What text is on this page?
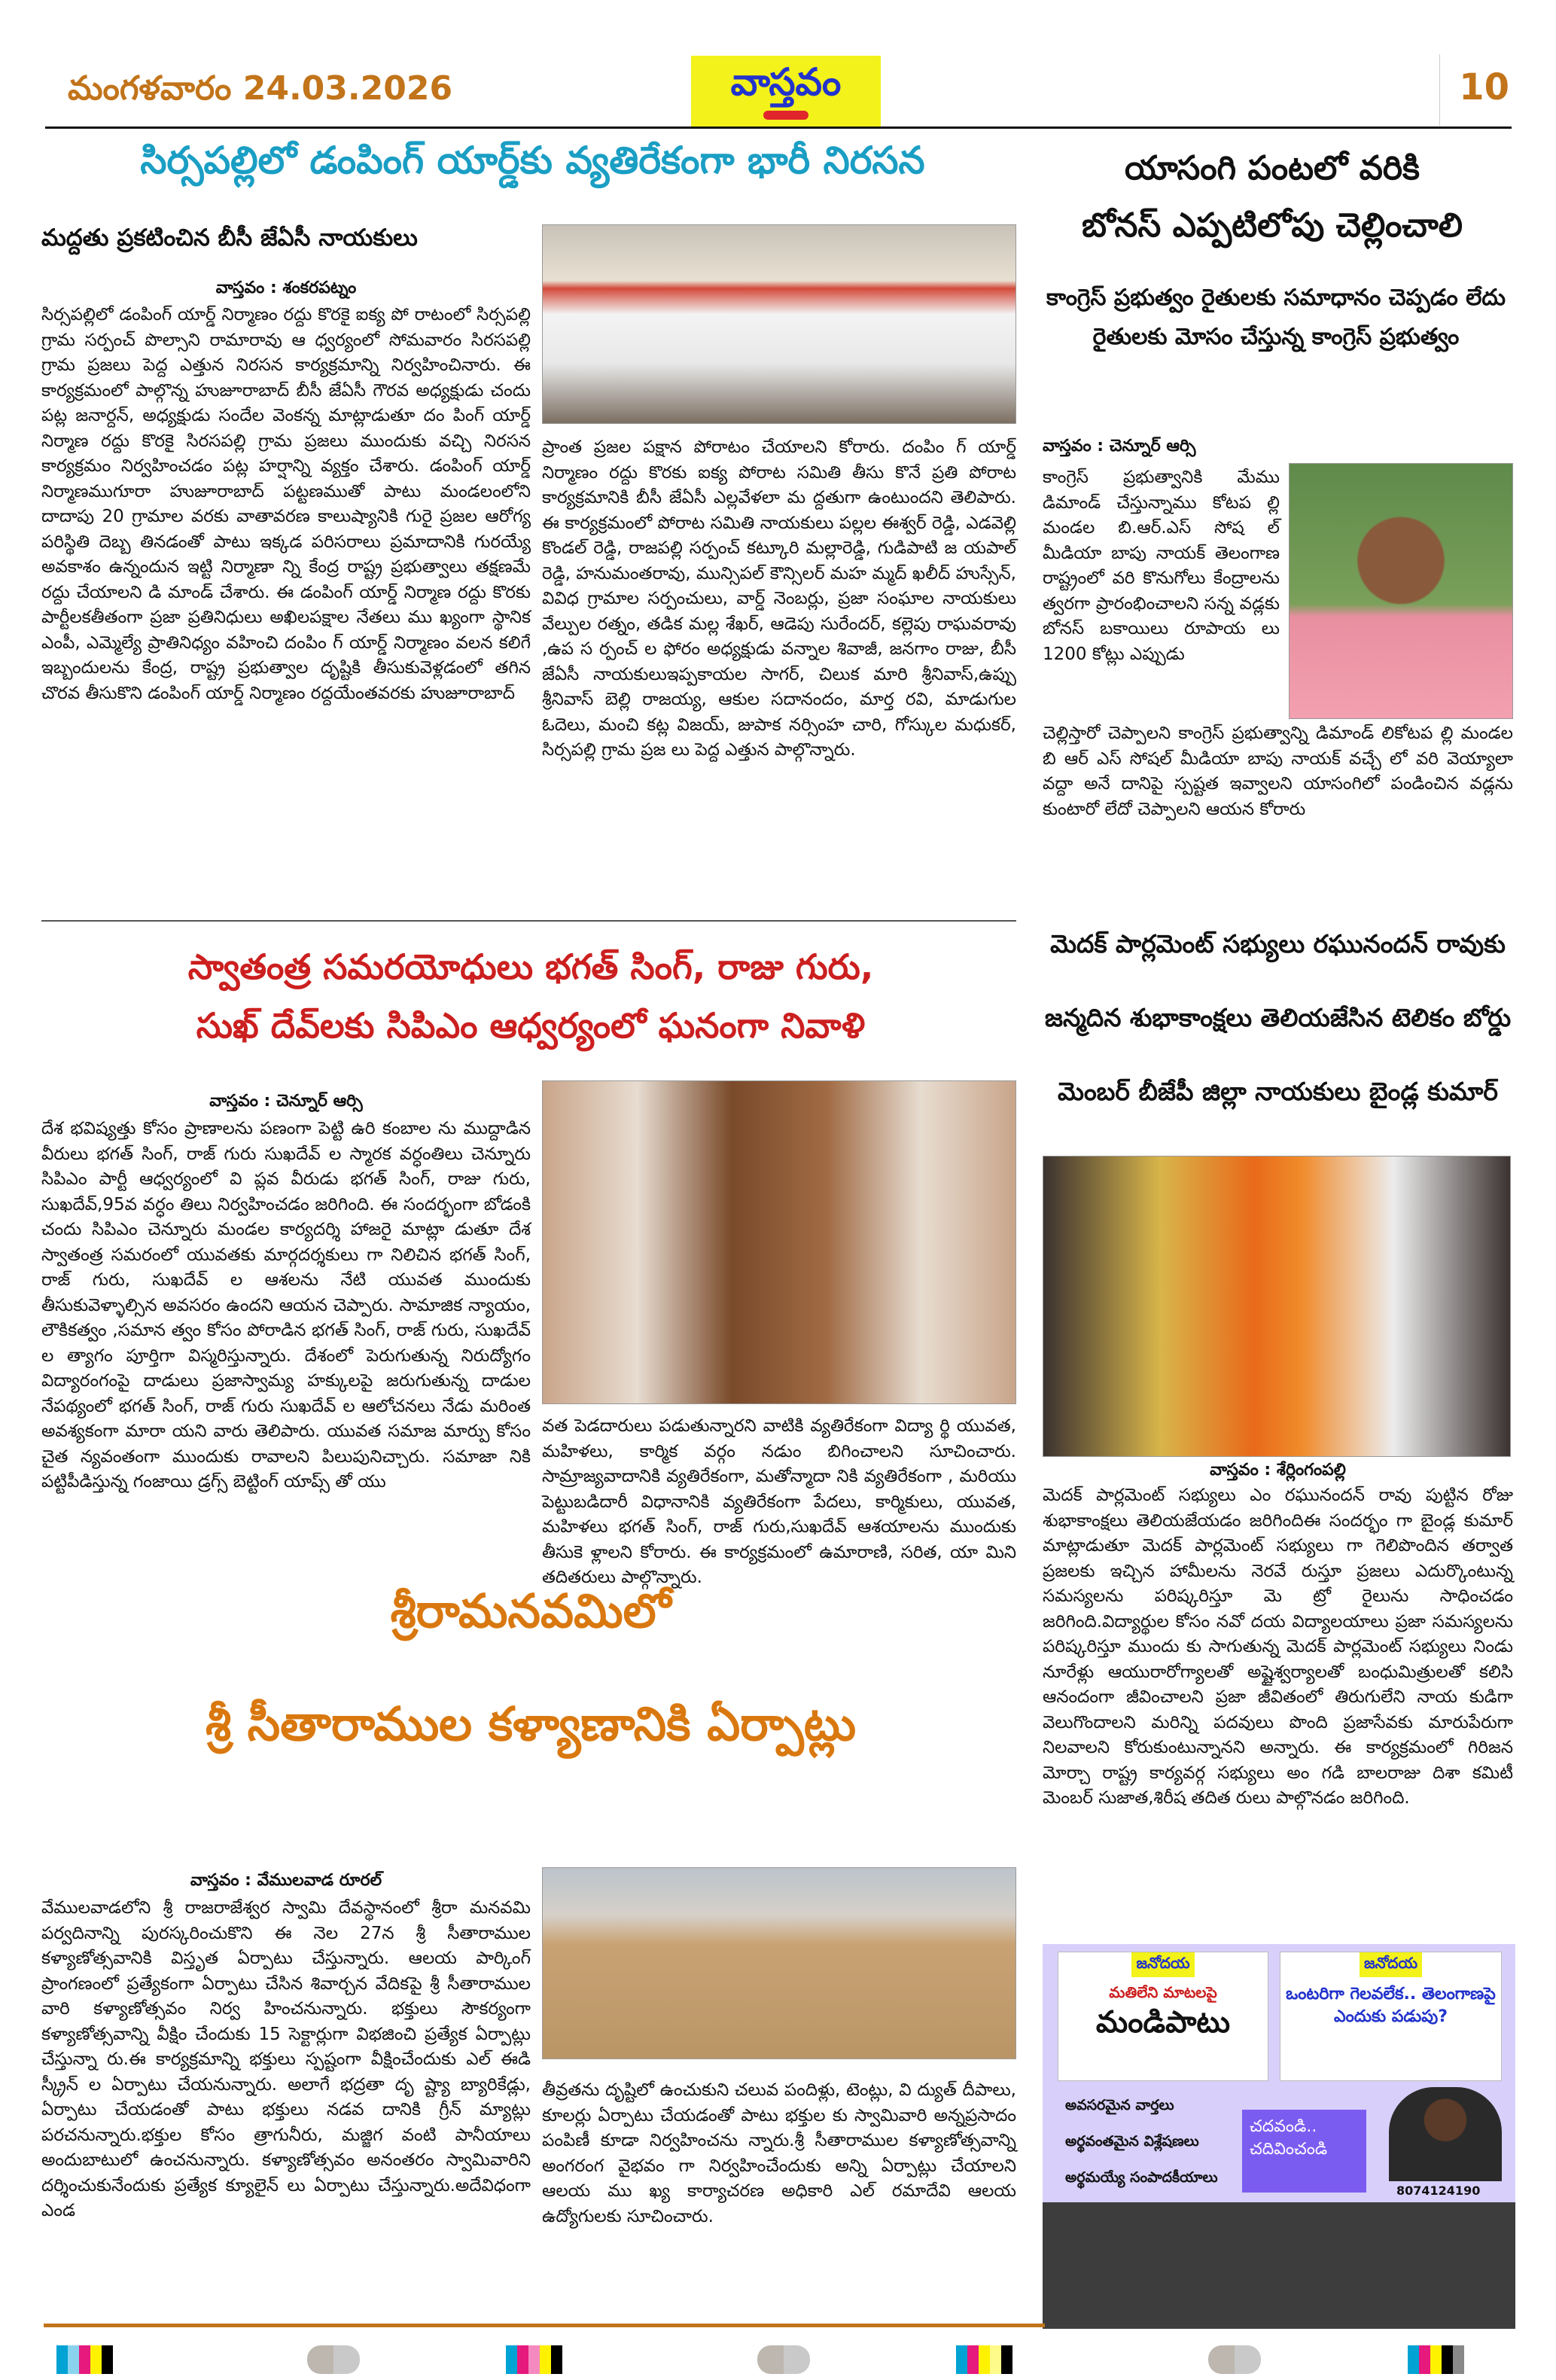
మంగళవారం 24.03.2026	వాస్తవం	10
సిర్సపల్లిలో డంపింగ్ యార్డ్‌కు వ్యతిరేకంగా భారీ నిరసన
మద్దతు ప్రకటించిన బీసీ జేఏసీ నాయకులు
వాస్తవం : శంకరపట్నం
సిర్సపల్లిలో డంపింగ్ యార్డ్ నిర్మాణం రద్దు కొరకై ఐక్య పో రాటంలో సిర్సపల్లి గ్రామ సర్పంచ్ పొల్సాని రామారావు ఆ ధ్వర్యంలో సోమవారం సిరసపల్లి గ్రామ ప్రజలు పెద్ద ఎత్తున నిరసన కార్యక్రమాన్ని నిర్వహించినారు. ఈ కార్యక్రమంలో పాల్గొన్న హుజూరాబాద్ బీసీ జేఏసీ గౌరవ అధ్యక్షుడు చందు పట్ల జనార్దన్, అధ్యక్షుడు సందేల వెంకన్న మాట్లాడుతూ దం పింగ్ యార్డ్ నిర్మాణ రద్దు కొరకై సిరసపల్లి గ్రామ ప్రజలు ముందుకు వచ్చి నిరసన కార్యక్రమం నిర్వహించడం పట్ల హర్షాన్ని వ్యక్తం చేశారు. డంపింగ్ యార్డ్ నిర్మాణముగూరా హుజూరాబాద్ పట్టణముతో పాటు మండలంలోని దాదాపు 20 గ్రామాల వరకు వాతావరణ కాలుష్యానికి గురై ప్రజల ఆరోగ్య పరిస్థితి దెబ్బ తినడంతో పాటు ఇక్కడ పరిసరాలు ప్రమాదానికి గురయ్యే అవకాశం ఉన్నందున ఇట్టి నిర్మాణా న్ని కేంద్ర రాష్ట్ర ప్రభుత్వాలు తక్షణమే రద్దు చేయాలని డి మాండ్ చేశారు. ఈ డంపింగ్ యార్డ్ నిర్మాణ రద్దు కొరకు పార్టీలకతీతంగా ప్రజా ప్రతినిధులు అఖిలపక్షాల నేతలు ము ఖ్యంగా స్థానిక ఎంపీ, ఎమ్మెల్యే ప్రాతినిధ్యం వహించి దంపిం గ్ యార్డ్ నిర్మాణం వలన కలిగే ఇబ్బందులను కేంద్ర, రాష్ట్ర ప్రభుత్వాల దృష్టికి తీసుకువెళ్లడంలో తగిన చొరవ తీసుకొని డంపింగ్ యార్డ్ నిర్మాణం రద్దయేంతవరకు హుజూరాబాద్
ప్రాంత ప్రజల పక్షాన పోరాటం చేయాలని కోరారు. దంపిం గ్ యార్డ్ నిర్మాణం రద్దు కొరకు ఐక్య పోరాట సమితి తీసు కొనే ప్రతి పోరాట కార్యక్రమానికి బీసీ జేఏసీ ఎల్లవేళలా మ ద్దతుగా ఉంటుందని తెలిపారు. ఈ కార్యక్రమంలో పోరాట సమితి నాయకులు పల్లల ఈశ్వర్ రెడ్డి, ఎడవెల్లి కొండల్ రెడ్డి, రాజపల్లి సర్పంచ్ కట్కూరి మల్లారెడ్డి, గుడిపాటి జ యపాల్ రెడ్డి, హనుమంతరావు, మున్సిపల్ కౌన్సిలర్ మహ మ్మద్ ఖలీద్ హుస్సేన్, వివిధ గ్రామాల సర్పంచులు, వార్డ్ నెంబర్లు, ప్రజా సంఘాల నాయకులు వేల్పుల రత్నం, తడిక మల్ల శేఖర్, ఆడెపు సురేందర్, కల్లెపు రాఘవరావు ,ఉప స ర్పంచ్ ల ఫోరం అధ్యక్షుడు వన్నాల శివాజీ, జనగాం రాజు, బీసీ జేఏసీ నాయకులుఇప్పకాయల సాగర్, చిలుక మారి శ్రీనివాస్,ఉప్పు శ్రీనివాస్ బెల్లి రాజయ్య, ఆకుల సదానందం, మార్త రవి, మాడుగుల ఓదెలు, మంచి కట్ల విజయ్, జుపాక నర్సింహ చారి, గోస్కుల మధుకర్, సిర్సపల్లి గ్రామ ప్రజ లు పెద్ద ఎత్తున పాల్గొన్నారు.
యాసంగి పంటలో వరికి
బోనస్ ఎప్పటిలోపు చెల్లించాలి
కాంగ్రెస్ ప్రభుత్వం రైతులకు సమాధానం చెప్పడం లేదు రైతులకు మోసం చేస్తున్న కాంగ్రెస్ ప్రభుత్వం
వాస్తవం : చెన్నూర్ ఆర్సి
కాంగ్రెస్ ప్రభుత్వానికి మేము డిమాండ్ చేస్తున్నాము కోటప ల్లి మండల బి.ఆర్.ఎస్ సోష ల్ మీడియా బాపు నాయక్ తెలంగాణ రాష్ట్రంలో వరి కొనుగోలు కేంద్రాలను త్వరగా ప్రారంభించాలని సన్న వడ్లకు బోనస్ బకాయిలు రూపాయ లు 1200 కోట్లు ఎప్పుడు
చెల్లిస్తారో చెప్పాలని కాంగ్రెస్ ప్రభుత్వాన్ని డిమాండ్ లికోటప ల్లి మండల బి ఆర్ ఎస్ సోషల్ మీడియా బాపు నాయక్ వచ్చే లో వరి వెయ్యాలా వద్దా అనే దానిపై స్పష్టత ఇవ్వాలని యాసంగిలో పండించిన వడ్లను కుంటారో లేదో చెప్పాలని ఆయన కోరారు
స్వాతంత్ర సమరయోధులు భగత్ సింగ్, రాజు గురు,
సుఖ్ దేవ్‌లకు సిపిఎం ఆధ్వర్యంలో ఘనంగా నివాళి
వాస్తవం : చెన్నూర్ ఆర్సి
దేశ భవిష్యత్తు కోసం ప్రాణాలను పణంగా పెట్టి ఉరి కంబాల ను ముద్దాడిన వీరులు భగత్ సింగ్, రాజ్ గురు సుఖదేవ్ ల స్మారక వర్ధంతిలు చెన్నూరు సిపిఎం పార్టీ ఆధ్వర్యంలో వి ప్లవ వీరుడు భగత్ సింగ్, రాజు గురు, సుఖదేవ్,95వ వర్ధం తిలు నిర్వహించడం జరిగింది. ఈ సందర్భంగా బోడంకి చందు సిపిఎం చెన్నూరు మండల కార్యదర్శి హాజరై మాట్లా డుతూ దేశ స్వాతంత్ర సమరంలో యువతకు మార్గదర్శకులు గా నిలిచిన భగత్ సింగ్, రాజ్ గురు, సుఖదేవ్ ల ఆశలను నేటి యువత ముందుకు తీసుకువెళ్ళాల్సిన అవసరం ఉందని ఆయన చెప్పారు. సామాజిక న్యాయం, లౌకికత్వం ,సమాన త్వం కోసం పోరాడిన భగత్ సింగ్, రాజ్ గురు, సుఖదేవ్ ల త్యాగం పూర్తిగా విస్మరిస్తున్నారు. దేశంలో పెరుగుతున్న నిరుద్యోగం విద్యారంగంపై దాడులు ప్రజాస్వామ్య హక్కులపై జరుగుతున్న దాడుల నేపథ్యంలో భగత్ సింగ్, రాజ్ గురు సుఖదేవ్ ల ఆలోచనలు నేడు మరింత అవశ్యకంగా మారా యని వారు తెలిపారు. యువత సమాజ మార్పు కోసం చైత న్యవంతంగా ముందుకు రావాలని పిలుపునిచ్చారు. సమాజా నికి పట్టిపీడిస్తున్న గంజాయి డ్రగ్స్ బెట్టింగ్ యాప్స్ తో యు
వత పెడదారులు పడుతున్నారని వాటికి వ్యతిరేకంగా విద్యా ర్థి యువత, మహిళలు, కార్మిక వర్గం నడుం బిగించాలని సూచించారు. సామ్రాజ్యవాదానికి వ్యతిరేకంగా, మతోన్మాదా నికి వ్యతిరేకంగా , మరియు పెట్టుబడిదారీ విధానానికి వ్యతిరేకంగా పేదలు, కార్మికులు, యువత, మహిళలు భగత్ సింగ్, రాజ్ గురు,సుఖదేవ్ ఆశయాలను ముందుకు తీసుకె ళ్లాలని కోరారు. ఈ కార్యక్రమంలో ఉమారాణి, సరిత, యా మిని తదితరులు పాల్గొన్నారు.
మెదక్ పార్లమెంట్ సభ్యులు రఘునందన్ రావుకు
జన్మదిన శుభాకాంక్షలు తెలియజేసిన టెలికం బోర్డు
మెంబర్ బీజేపీ జిల్లా నాయకులు బైండ్ల కుమార్
వాస్తవం : శేర్లింగంపల్లి
మెదక్ పార్లమెంట్ సభ్యులు ఎం రఘునందన్ రావు పుట్టిన రోజు శుభాకాంక్షలు తెలియజేయడం జరిగిందిఈ సందర్భం గా బైండ్ల కుమార్ మాట్లాడుతూ మెదక్ పార్లమెంట్ సభ్యులు గా గెలిపొందిన తర్వాత ప్రజలకు ఇచ్చిన హామీలను నెరవే రుస్తూ ప్రజలు ఎదుర్కొంటున్న సమస్యలను పరిష్కరిస్తూ మె ట్రో రైలును సాధించడం జరిగింది.విద్యార్థుల కోసం నవో దయ విద్యాలయాలు ప్రజా సమస్యలను పరిష్కరిస్తూ ముందు కు సాగుతున్న మెదక్ పార్లమెంట్ సభ్యులు నిండు నూరేళ్లు ఆయురారోగ్యాలతో అష్టైశ్వర్యాలతో బంధుమిత్రులతో కలిసి ఆనందంగా జీవించాలని ప్రజా జీవితంలో తిరుగులేని నాయ కుడిగా వెలుగొందాలని మరిన్ని పదవులు పొంది ప్రజాసేవకు మారుపేరుగా నిలవాలని కోరుకుంటున్నానని అన్నారు. ఈ కార్యక్రమంలో గిరిజన మోర్చా రాష్ట్ర కార్యవర్గ సభ్యులు అం గడి బాలరాజు దిశా కమిటీ మెంబర్ సుజాత,శిరీష తదిత రులు పాల్గొనడం జరిగింది.
శ్రీరామనవమిలో
శ్రీ సీతారాముల కళ్యాణానికి ఏర్పాట్లు
వాస్తవం : వేములవాడ రూరల్
వేములవాడలోని శ్రీ రాజరాజేశ్వర స్వామి దేవస్థానంలో శ్రీరా మనవమి పర్వదినాన్ని పురస్కరించుకొని ఈ నెల 27న శ్రీ సీతారాముల కళ్యాణోత్సవానికి విస్తృత ఏర్పాటు చేస్తున్నారు. ఆలయ పార్కింగ్ ప్రాంగణంలో ప్రత్యేకంగా ఏర్పాటు చేసిన శివార్చన వేదికపై శ్రీ సీతారాముల వారి కళ్యాణోత్సవం నిర్వ హించనున్నారు. భక్తులు సౌకర్యంగా కళ్యాణోత్సవాన్ని వీక్షిం చేందుకు 15 సెక్టార్లుగా విభజించి ప్రత్యేక ఏర్పాట్లు చేస్తున్నా రు.ఈ కార్యక్రమాన్ని భక్తులు స్పష్టంగా వీక్షించేందుకు ఎల్ ఈడి స్క్రీన్ ల ఏర్పాటు చేయనున్నారు. అలాగే భద్రతా దృ ష్ట్యా బ్యారికేడ్లు, ఏర్పాటు చేయడంతో పాటు భక్తులు నడవ దానికి గ్రీన్ మ్యాట్లు పరచనున్నారు.భక్తుల కోసం త్రాగునీరు, మజ్జిగ వంటి పానీయాలు అందుబాటులో ఉంచనున్నారు. కళ్యాణోత్సవం అనంతరం స్వామివారిని దర్శించుకునేందుకు ప్రత్యేక క్యూలైన్ లు ఏర్పాటు చేస్తున్నారు.అదేవిధంగా ఎండ
తీవ్రతను దృష్టిలో ఉంచుకుని చలువ పందిళ్లు, టెంట్లు, వి ద్యుత్ దీపాలు, కూలర్లు ఏర్పాటు చేయడంతో పాటు భక్తుల కు స్వామివారి అన్నప్రసాదం పంపిణీ కూడా నిర్వహించను న్నారు.శ్రీ సీతారాముల కళ్యాణోత్సవాన్ని అంగరంగ వైభవం గా నిర్వహించేందుకు అన్ని ఏర్పాట్లు చేయాలని ఆలయ ము ఖ్య కార్యాచరణ అధికారి ఎల్ రమాదేవి ఆలయ ఉద్యోగులకు సూచించారు.
జనోదయ
మతిలేని మాటలపై
మండిపాటు
జనోదయ
ఒంటరిగా గెలవలేక.. తెలంగాణపై ఎందుకు పడుపు?
అవసరమైన వార్తలు
అర్థవంతమైన విశ్లేషణలు
అర్థమయ్యే సంపాదకీయాలు
చదవండి..
చదివించండి
8074124190
